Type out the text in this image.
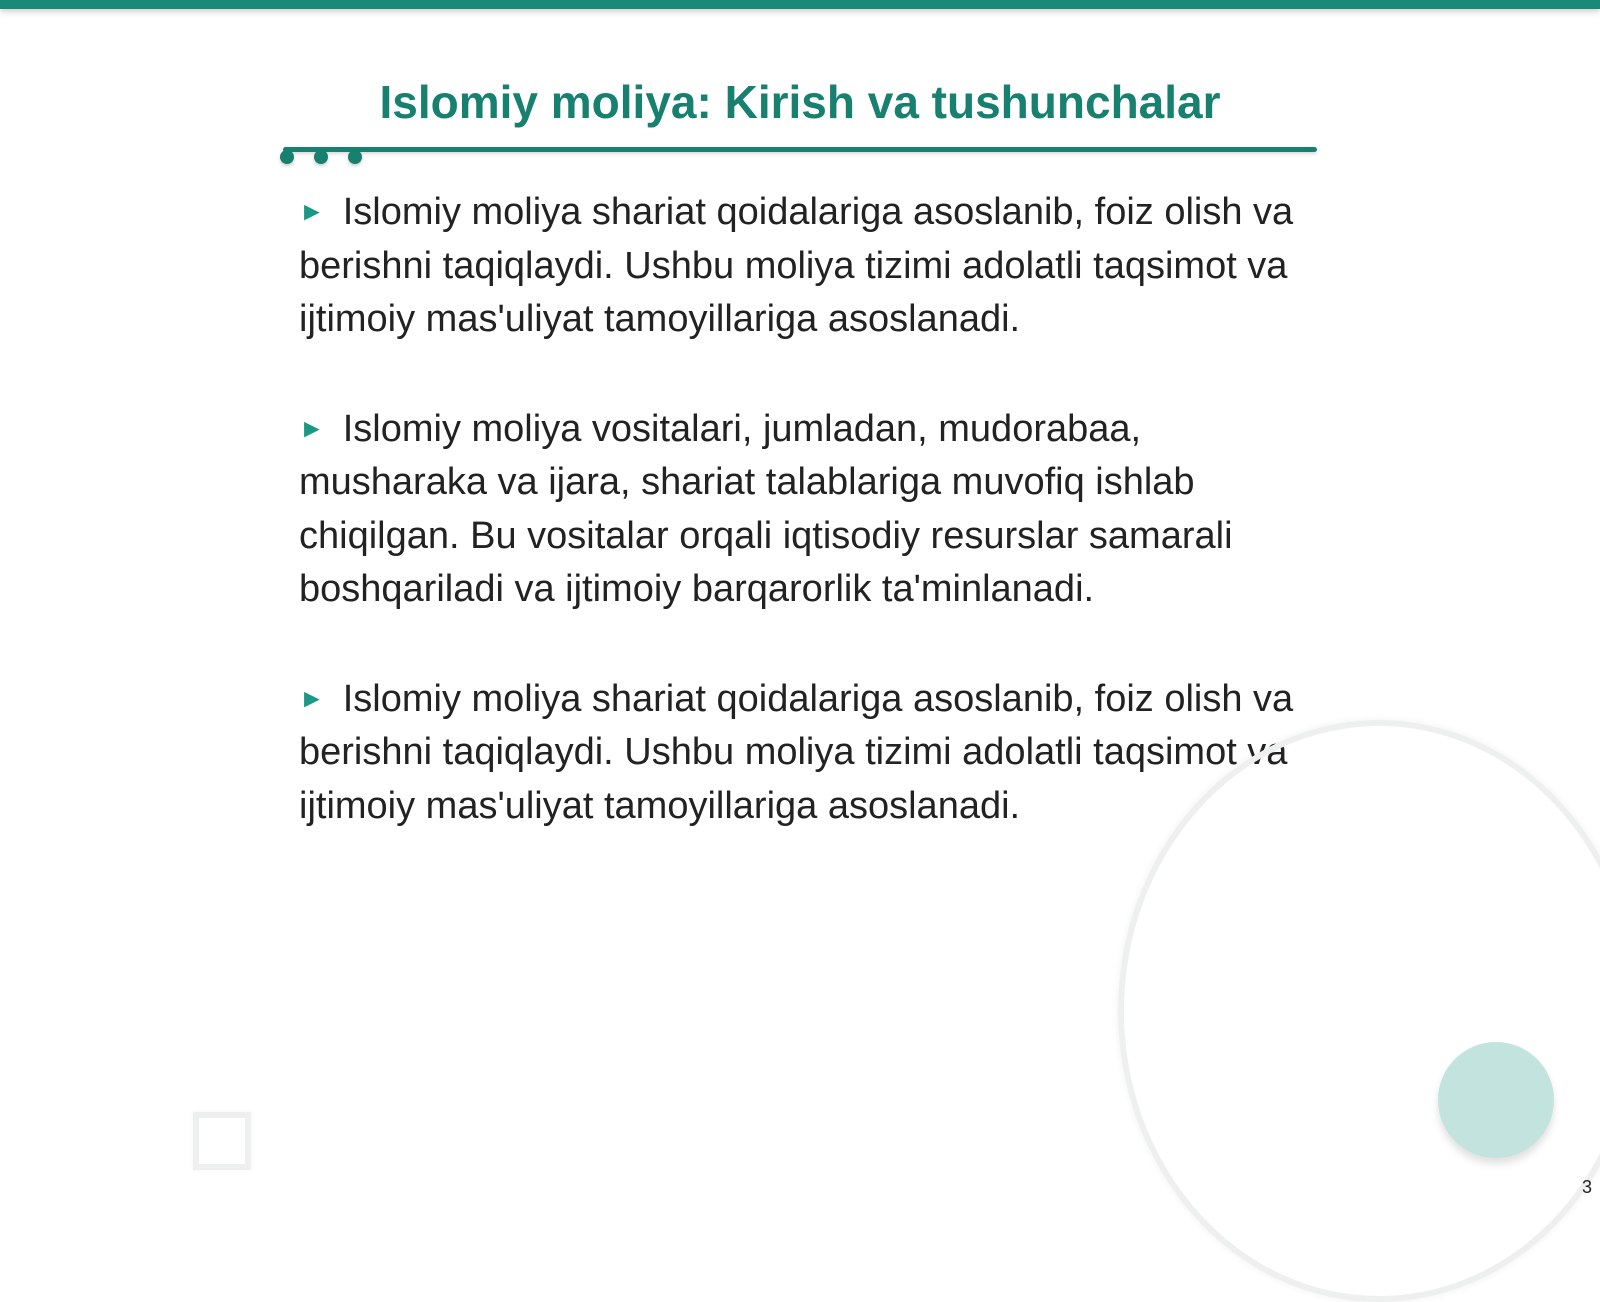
Islomiy moliya: Kirish va tushunchalar

► Islomiy moliya shariat qoidalariga asoslanib, foiz olish va berishni taqiqlaydi. Ushbu moliya tizimi adolatli taqsimot va ijtimoiy mas'uliyat tamoyillariga asoslanadi.

► Islomiy moliya vositalari, jumladan, mudorabaa, musharaka va ijara, shariat talablariga muvofiq ishlab chiqilgan. Bu vositalar orqali iqtisodiy resurslar samarali boshqariladi va ijtimoiy barqarorlik ta'minlanadi.

► Islomiy moliya shariat qoidalariga asoslanib, foiz olish va berishni taqiqlaydi. Ushbu moliya tizimi adolatli taqsimot va ijtimoiy mas'uliyat tamoyillariga asoslanadi.

3
